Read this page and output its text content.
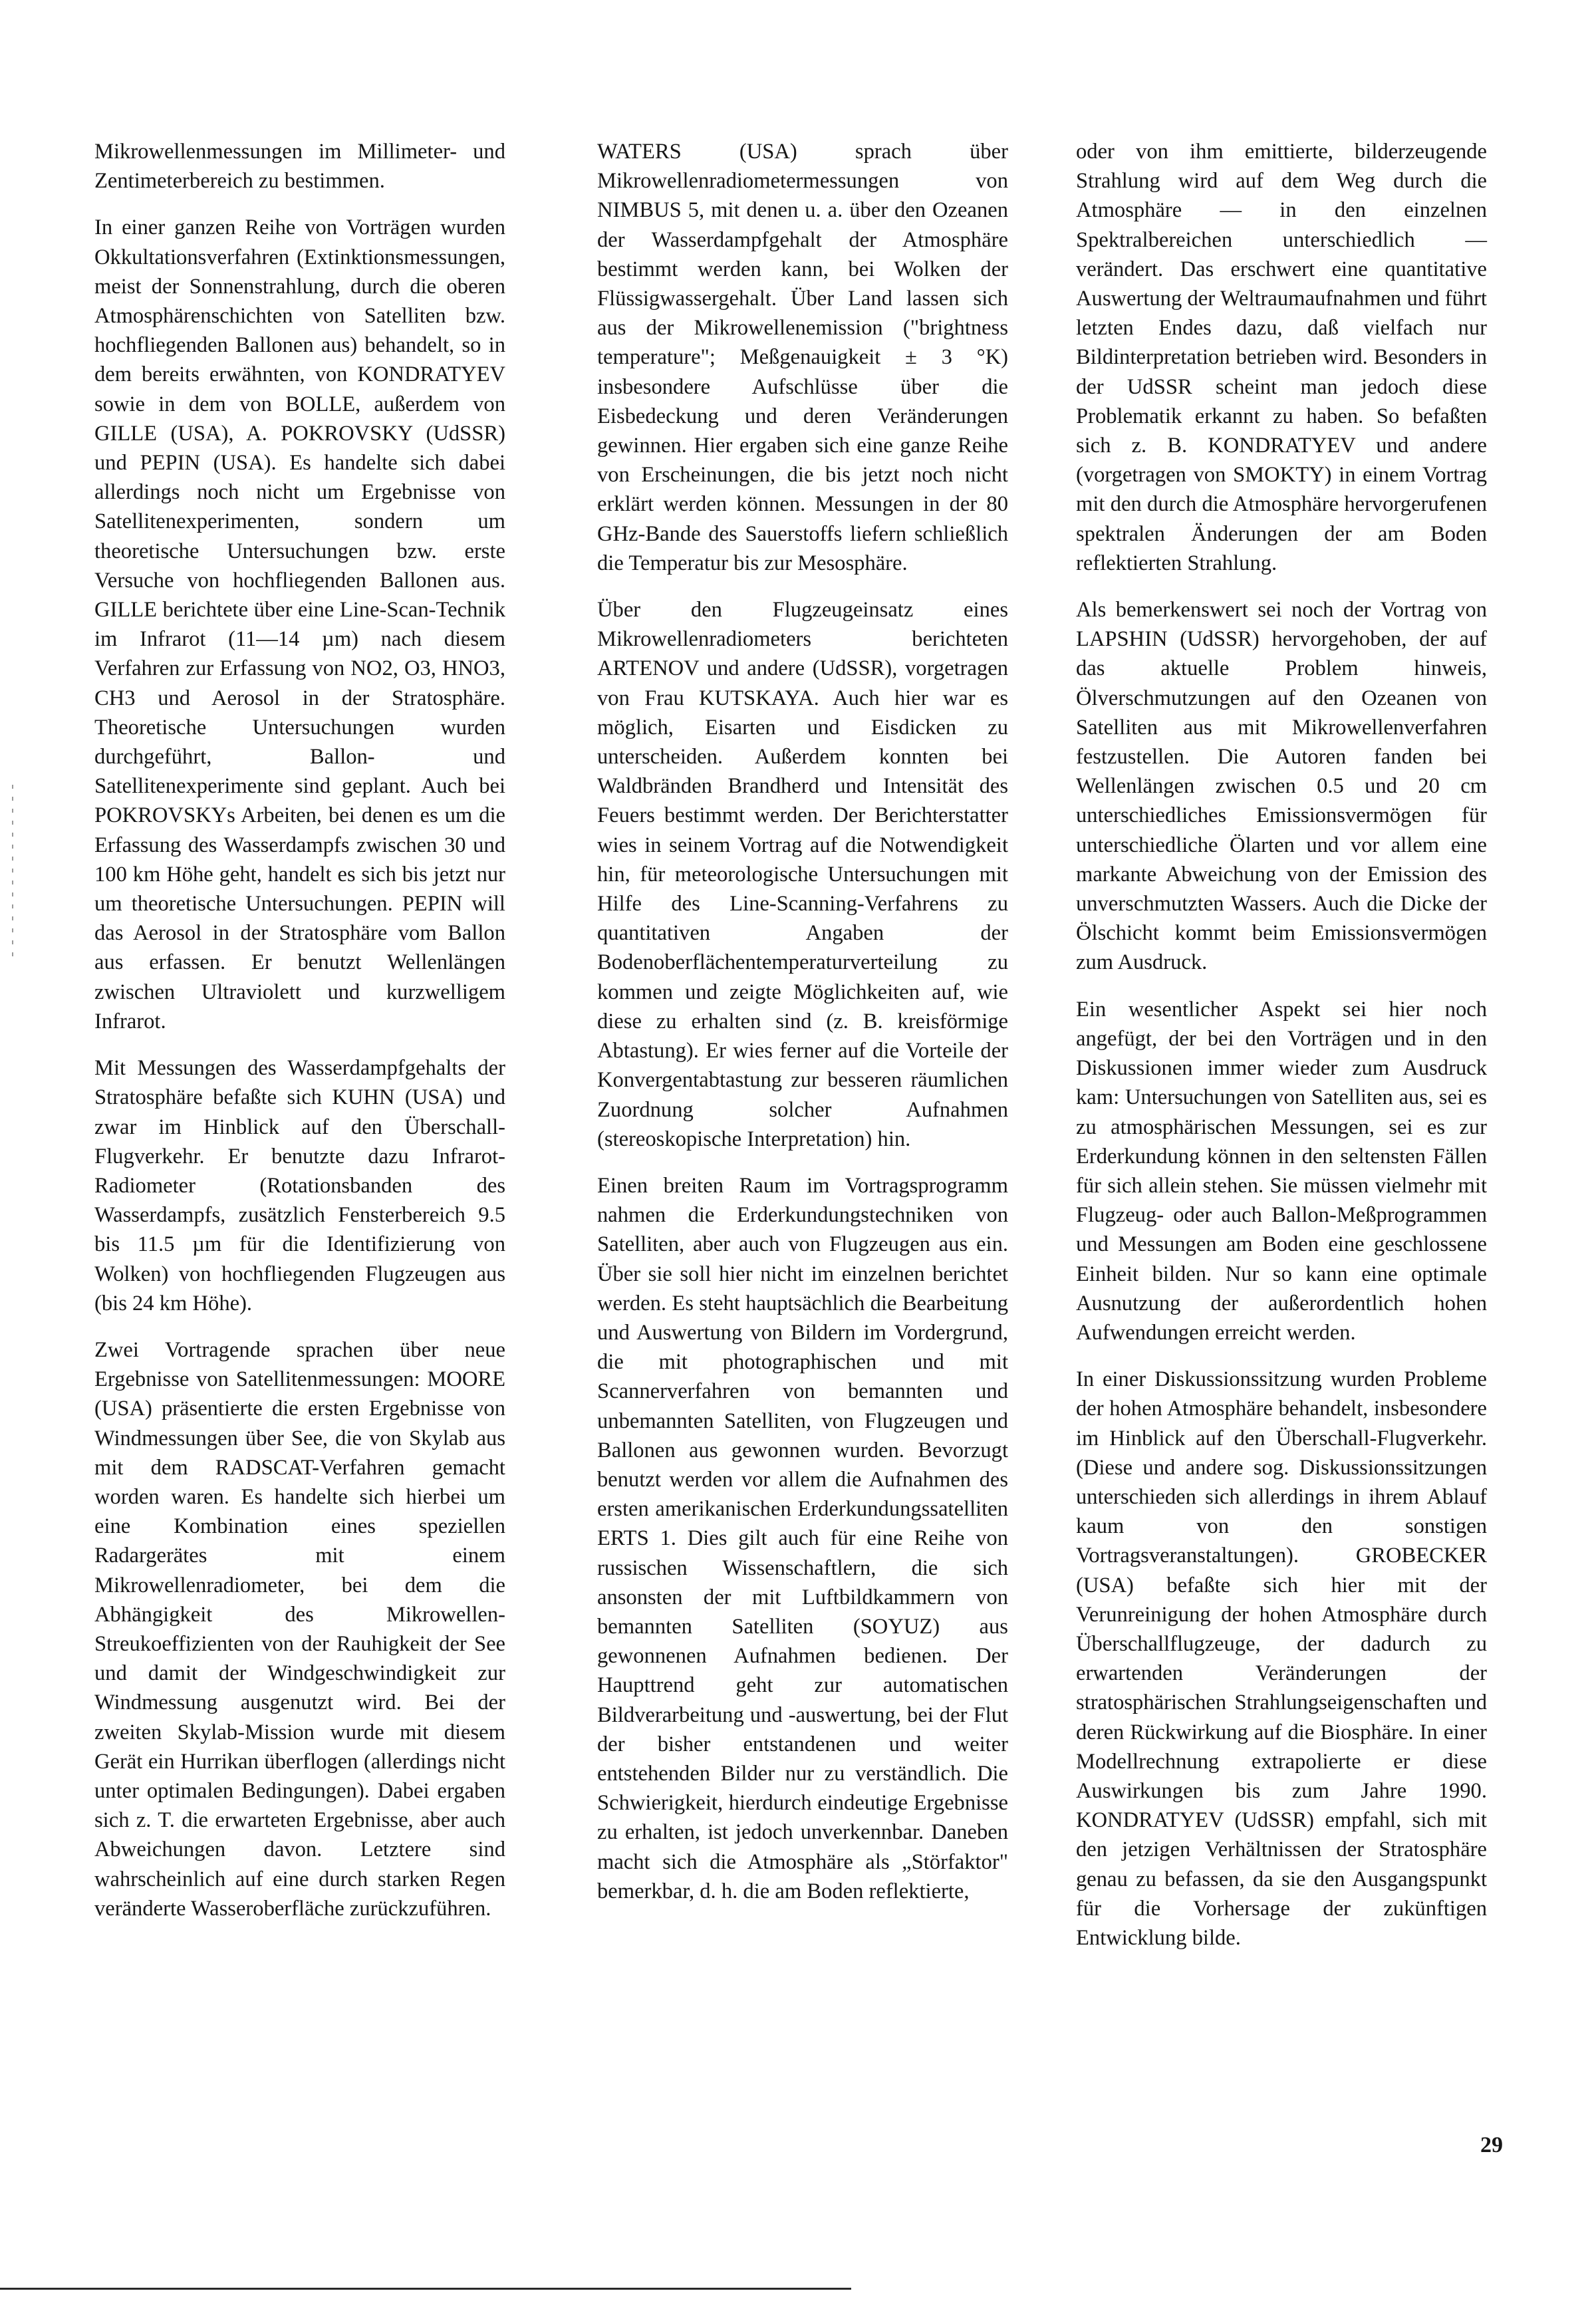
Mikrowellenmessungen im Millimeter- und Zentimeterbereich zu bestimmen.

In einer ganzen Reihe von Vorträgen wurden Okkultationsverfahren (Extinktionsmessungen, meist der Sonnenstrahlung, durch die oberen Atmosphärenschichten von Satelliten bzw. hochfliegenden Ballonen aus) behandelt, so in dem bereits erwähnten, von KONDRATYEV sowie in dem von BOLLE, außerdem von GILLE (USA), A. POKROVSKY (UdSSR) und PEPIN (USA). Es handelte sich dabei allerdings noch nicht um Ergebnisse von Satellitenexperimenten, sondern um theoretische Untersuchungen bzw. erste Versuche von hochfliegenden Ballonen aus. GILLE berichtete über eine Line-Scan-Technik im Infrarot (11—14 µm) nach diesem Verfahren zur Erfassung von NO2, O3, HNO3, CH3 und Aerosol in der Stratosphäre. Theoretische Untersuchungen wurden durchgeführt, Ballon- und Satellitenexperimente sind geplant. Auch bei POKROVSKYs Arbeiten, bei denen es um die Erfassung des Wasserdampfs zwischen 30 und 100 km Höhe geht, handelt es sich bis jetzt nur um theoretische Untersuchungen. PEPIN will das Aerosol in der Stratosphäre vom Ballon aus erfassen. Er benutzt Wellenlängen zwischen Ultraviolett und kurzwelligem Infrarot.

Mit Messungen des Wasserdampfgehalts der Stratosphäre befaßte sich KUHN (USA) und zwar im Hinblick auf den Überschall-Flugverkehr. Er benutzte dazu Infrarot-Radiometer (Rotationsbanden des Wasserdampfs, zusätzlich Fensterbereich 9.5 bis 11.5 µm für die Identifizierung von Wolken) von hochfliegenden Flugzeugen aus (bis 24 km Höhe).

Zwei Vortragende sprachen über neue Ergebnisse von Satellitenmessungen: MOORE (USA) präsentierte die ersten Ergebnisse von Windmessungen über See, die von Skylab aus mit dem RADSCAT-Verfahren gemacht worden waren. Es handelte sich hierbei um eine Kombination eines speziellen Radargerätes mit einem Mikrowellenradiometer, bei dem die Abhängigkeit des Mikrowellen-Streukoeffizienten von der Rauhigkeit der See und damit der Windgeschwindigkeit zur Windmessung ausgenutzt wird. Bei der zweiten Skylab-Mission wurde mit diesem Gerät ein Hurrikan überflogen (allerdings nicht unter optimalen Bedingungen). Dabei ergaben sich z. T. die erwarteten Ergebnisse, aber auch Abweichungen davon. Letztere sind wahrscheinlich auf eine durch starken Regen veränderte Wasseroberfläche zurückzuführen.

WATERS (USA) sprach über Mikrowellenradiometermessungen von NIMBUS 5, mit denen u. a. über den Ozeanen der Wasserdampfgehalt der Atmosphäre bestimmt werden kann, bei Wolken der Flüssigwassergehalt. Über Land lassen sich aus der Mikrowellenemission ("brightness temperature"; Meßgenauigkeit ± 3 °K) insbesondere Aufschlüsse über die Eisbedeckung und deren Veränderungen gewinnen. Hier ergaben sich eine ganze Reihe von Erscheinungen, die bis jetzt noch nicht erklärt werden können. Messungen in der 80 GHz-Bande des Sauerstoffs liefern schließlich die Temperatur bis zur Mesosphäre.

Über den Flugzeugeinsatz eines Mikrowellenradiometers berichteten ARTENOV und andere (UdSSR), vorgetragen von Frau KUTSKAYA. Auch hier war es möglich, Eisarten und Eisdicken zu unterscheiden. Außerdem konnten bei Waldbränden Brandherd und Intensität des Feuers bestimmt werden. Der Berichterstatter wies in seinem Vortrag auf die Notwendigkeit hin, für meteorologische Untersuchungen mit Hilfe des Line-Scanning-Verfahrens zu quantitativen Angaben der Bodenoberflächentemperaturverteilung zu kommen und zeigte Möglichkeiten auf, wie diese zu erhalten sind (z. B. kreisförmige Abtastung). Er wies ferner auf die Vorteile der Konvergentabtastung zur besseren räumlichen Zuordnung solcher Aufnahmen (stereoskopische Interpretation) hin.

Einen breiten Raum im Vortragsprogramm nahmen die Erderkundungstechniken von Satelliten, aber auch von Flugzeugen aus ein. Über sie soll hier nicht im einzelnen berichtet werden. Es steht hauptsächlich die Bearbeitung und Auswertung von Bildern im Vordergrund, die mit photographischen und mit Scannerverfahren von bemannten und unbemannten Satelliten, von Flugzeugen und Ballonen aus gewonnen wurden. Bevorzugt benutzt werden vor allem die Aufnahmen des ersten amerikanischen Erderkundungssatelliten ERTS 1. Dies gilt auch für eine Reihe von russischen Wissenschaftlern, die sich ansonsten der mit Luftbildkammern von bemannten Satelliten (SOYUZ) aus gewonnenen Aufnahmen bedienen. Der Haupttrend geht zur automatischen Bildverarbeitung und -auswertung, bei der Flut der bisher entstandenen und weiter entstehenden Bilder nur zu verständlich. Die Schwierigkeit, hierdurch eindeutige Ergebnisse zu erhalten, ist jedoch unverkennbar. Daneben macht sich die Atmosphäre als „Störfaktor" bemerkbar, d. h. die am Boden reflektierte,

oder von ihm emittierte, bilderzeugende Strahlung wird auf dem Weg durch die Atmosphäre — in den einzelnen Spektralbereichen unterschiedlich — verändert. Das erschwert eine quantitative Auswertung der Weltraumaufnahmen und führt letzten Endes dazu, daß vielfach nur Bildinterpretation betrieben wird. Besonders in der UdSSR scheint man jedoch diese Problematik erkannt zu haben. So befaßten sich z. B. KONDRATYEV und andere (vorgetragen von SMOKTY) in einem Vortrag mit den durch die Atmosphäre hervorgerufenen spektralen Änderungen der am Boden reflektierten Strahlung.

Als bemerkenswert sei noch der Vortrag von LAPSHIN (UdSSR) hervorgehoben, der auf das aktuelle Problem hinweis, Ölverschmutzungen auf den Ozeanen von Satelliten aus mit Mikrowellenverfahren festzustellen. Die Autoren fanden bei Wellenlängen zwischen 0.5 und 20 cm unterschiedliches Emissionsvermögen für unterschiedliche Ölarten und vor allem eine markante Abweichung von der Emission des unverschmutzten Wassers. Auch die Dicke der Ölschicht kommt beim Emissionsvermögen zum Ausdruck.

Ein wesentlicher Aspekt sei hier noch angefügt, der bei den Vorträgen und in den Diskussionen immer wieder zum Ausdruck kam: Untersuchungen von Satelliten aus, sei es zu atmosphärischen Messungen, sei es zur Erderkundung können in den seltensten Fällen für sich allein stehen. Sie müssen vielmehr mit Flugzeug- oder auch Ballon-Meßprogrammen und Messungen am Boden eine geschlossene Einheit bilden. Nur so kann eine optimale Ausnutzung der außerordentlich hohen Aufwendungen erreicht werden.

In einer Diskussionssitzung wurden Probleme der hohen Atmosphäre behandelt, insbesondere im Hinblick auf den Überschall-Flugverkehr. (Diese und andere sog. Diskussionssitzungen unterschieden sich allerdings in ihrem Ablauf kaum von den sonstigen Vortragsveranstaltungen). GROBECKER (USA) befaßte sich hier mit der Verunreinigung der hohen Atmosphäre durch Überschallflugzeuge, der dadurch zu erwartenden Veränderungen der stratosphärischen Strahlungseigenschaften und deren Rückwirkung auf die Biosphäre. In einer Modellrechnung extrapolierte er diese Auswirkungen bis zum Jahre 1990. KONDRATYEV (UdSSR) empfahl, sich mit den jetzigen Verhältnissen der Stratosphäre genau zu befassen, da sie den Ausgangspunkt für die Vorhersage der zukünftigen Entwicklung bilde.

29
